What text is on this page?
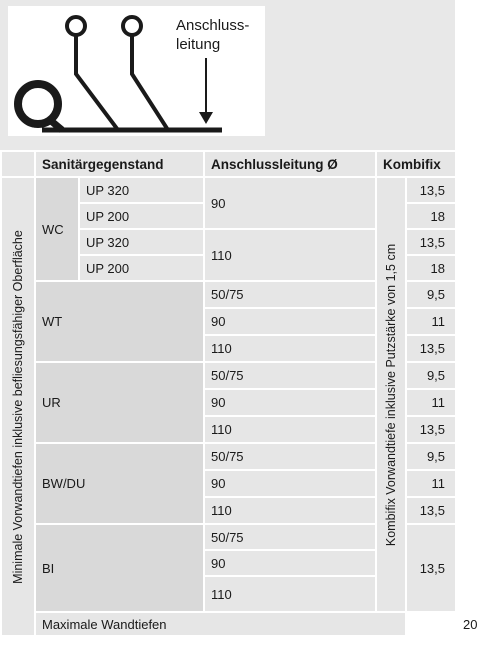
Anschluss-
leitung
	Sanitärgegenstand		Anschlussleitung Ø	Kombifix		

Minimale Vorwandtiefen inklusive befliesungsfähiger Oberfläche	WC	UP 320	90	Kombifix Vorwandtiefe inklusive Putzstärke von 1,5 cm	13,5	
		UP 200			18	
		UP 320	110		13,5	
		UP 200			18	
	WT		50/75		9,5	
			90		11	
			110		13,5	
	UR		50/75		9,5	
			90		11	
			110		13,5	
	BW/DU		50/75		9,5	
			90		11	
			110		13,5	
	BI		50/75		13,5	
			90			
			110			
	Maximale Wandtiefen					20
